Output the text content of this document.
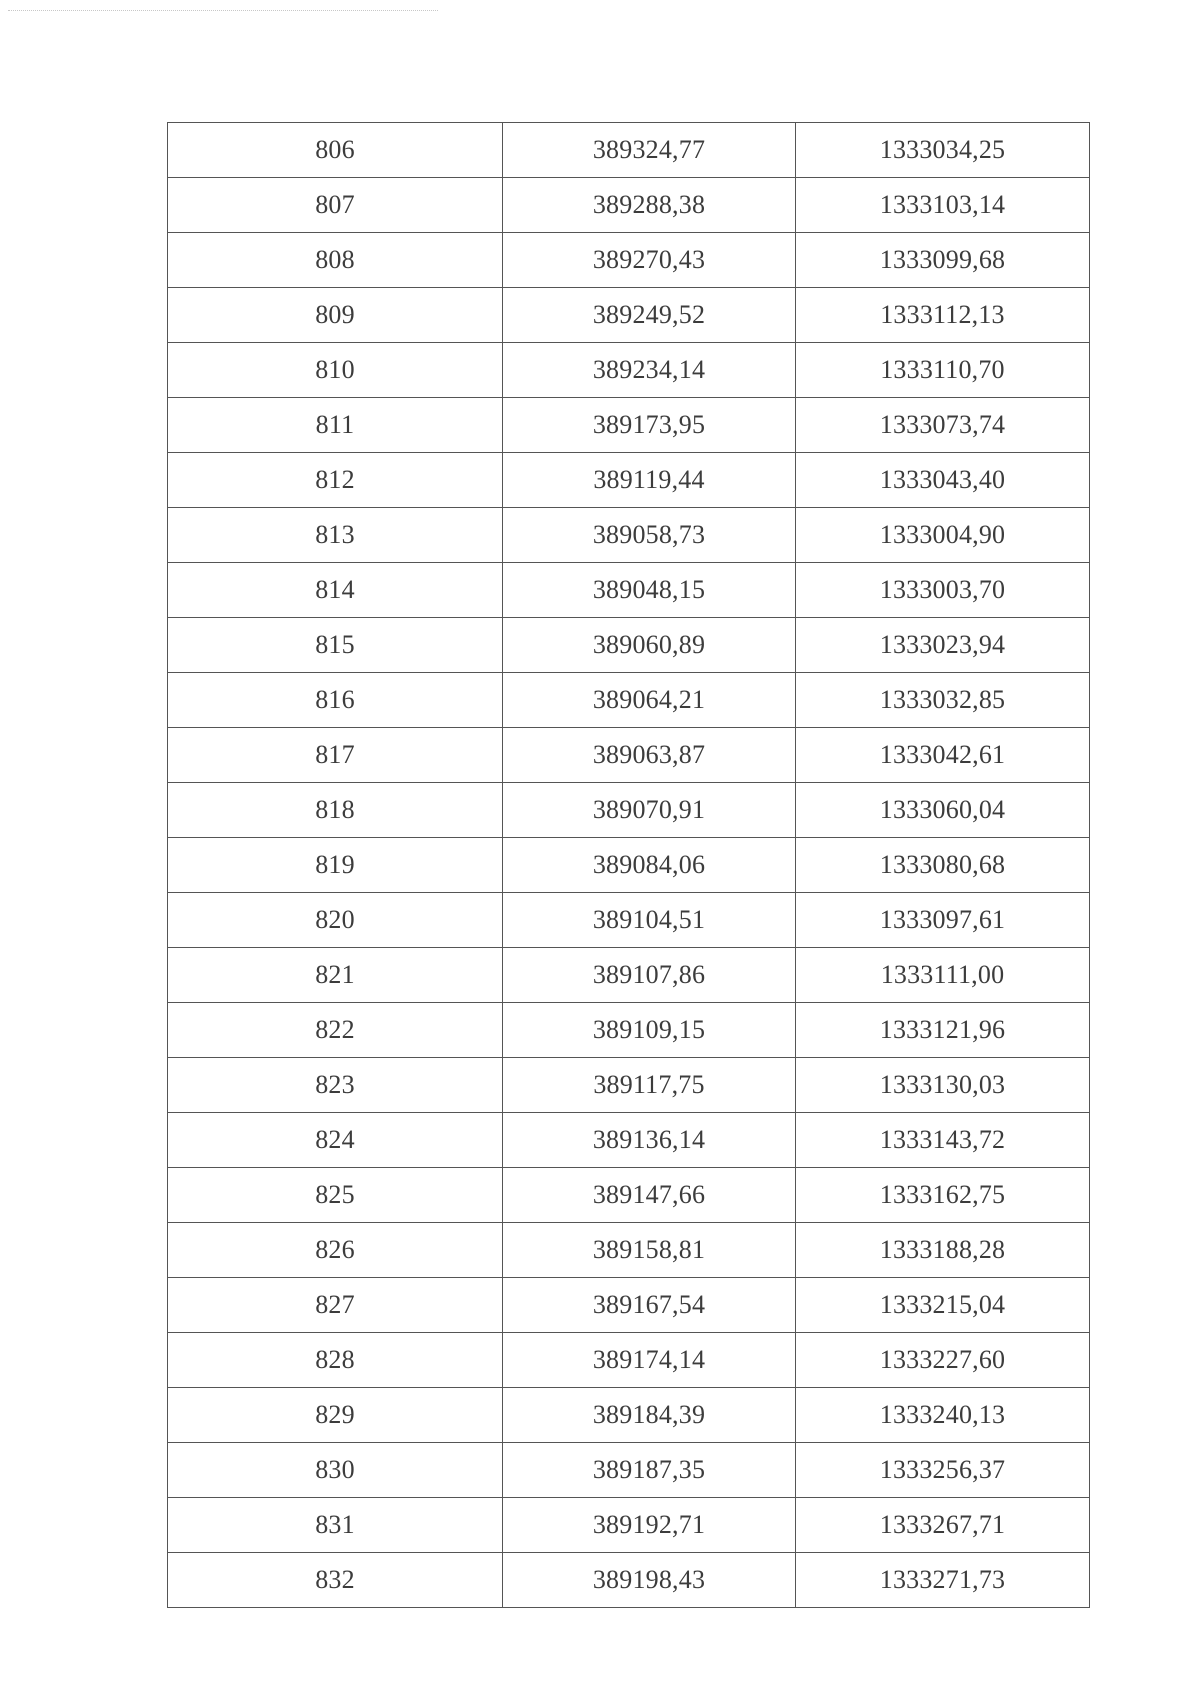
806	389324,77	1333034,25
807	389288,38	1333103,14
808	389270,43	1333099,68
809	389249,52	1333112,13
810	389234,14	1333110,70
811	389173,95	1333073,74
812	389119,44	1333043,40
813	389058,73	1333004,90
814	389048,15	1333003,70
815	389060,89	1333023,94
816	389064,21	1333032,85
817	389063,87	1333042,61
818	389070,91	1333060,04
819	389084,06	1333080,68
820	389104,51	1333097,61
821	389107,86	1333111,00
822	389109,15	1333121,96
823	389117,75	1333130,03
824	389136,14	1333143,72
825	389147,66	1333162,75
826	389158,81	1333188,28
827	389167,54	1333215,04
828	389174,14	1333227,60
829	389184,39	1333240,13
830	389187,35	1333256,37
831	389192,71	1333267,71
832	389198,43	1333271,73
